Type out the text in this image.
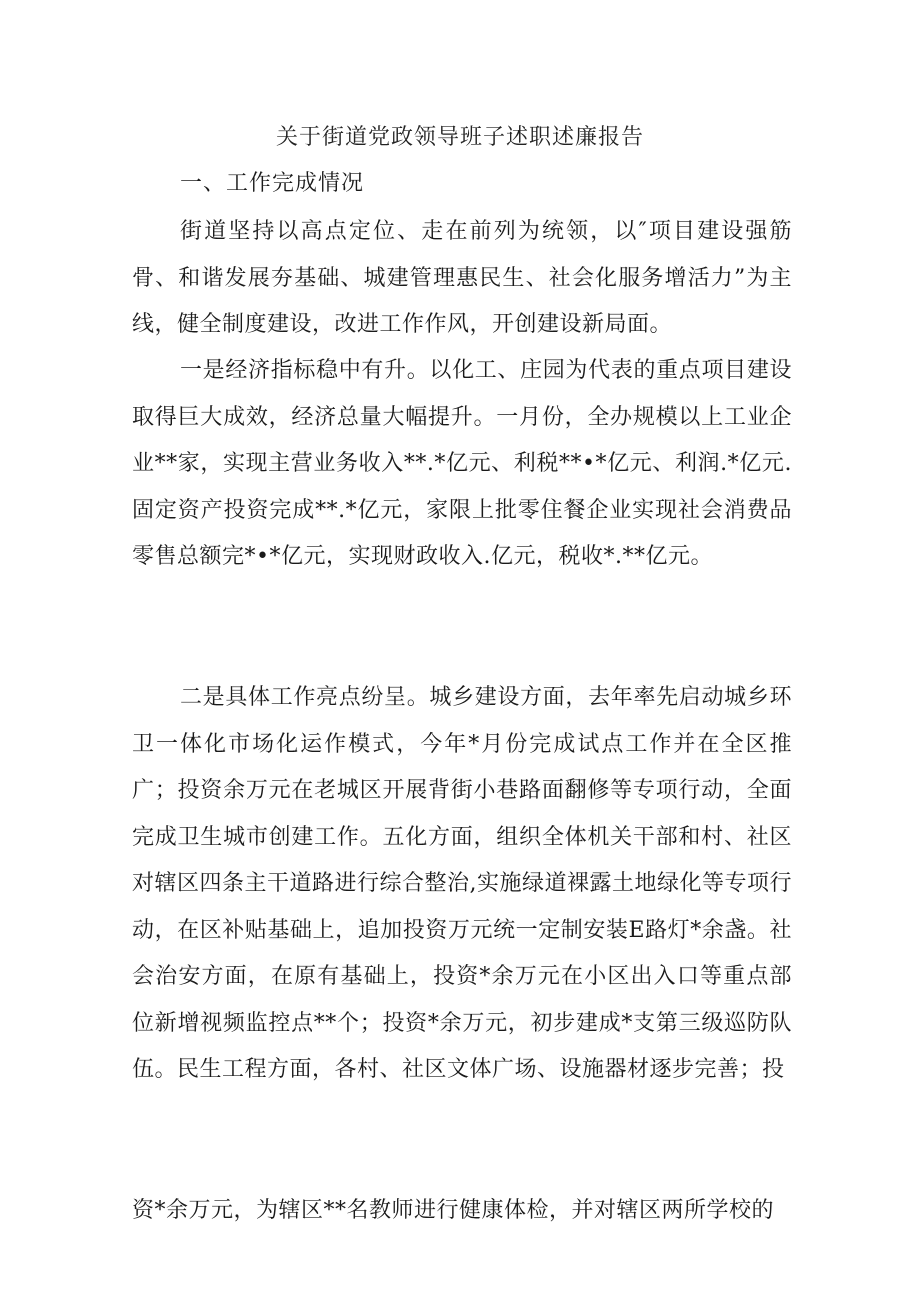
关于街道党政领导班子述职述廉报告
一、工作完成情况

街道坚持以高点定位、走在前列为统领，以″项目建设强筋骨、和谐发展夯基础、城建管理惠民生、社会化服务增活力”为主线，健全制度建设，改进工作作风，开创建设新局面。

一是经济指标稳中有升。以化工、庄园为代表的重点项目建设取得巨大成效，经济总量大幅提升。一月份，全办规模以上工业企业**家，实现主营业务收入**.*亿元、利税**•*亿元、利润.*亿元.固定资产投资完成**.*亿元，家限上批零住餐企业实现社会消费品零售总额完*•*亿元，实现财政收入.亿元，税收*.**亿元。

二是具体工作亮点纷呈。城乡建设方面，去年率先启动城乡环卫一体化市场化运作模式，今年*月份完成试点工作并在全区推广；投资余万元在老城区开展背街小巷路面翻修等专项行动，全面完成卫生城市创建工作。五化方面，组织全体机关干部和村、社区对辖区四条主干道路进行综合整治,实施绿道裸露土地绿化等专项行动，在区补贴基础上，追加投资万元统一定制安装E路灯*余盏。社会治安方面，在原有基础上，投资*余万元在小区出入口等重点部位新增视频监控点**个；投资*余万元，初步建成*支第三级巡防队伍。民生工程方面，各村、社区文体广场、设施器材逐步完善；投

资*余万元，为辖区**名教师进行健康体检，并对辖区两所学校的
